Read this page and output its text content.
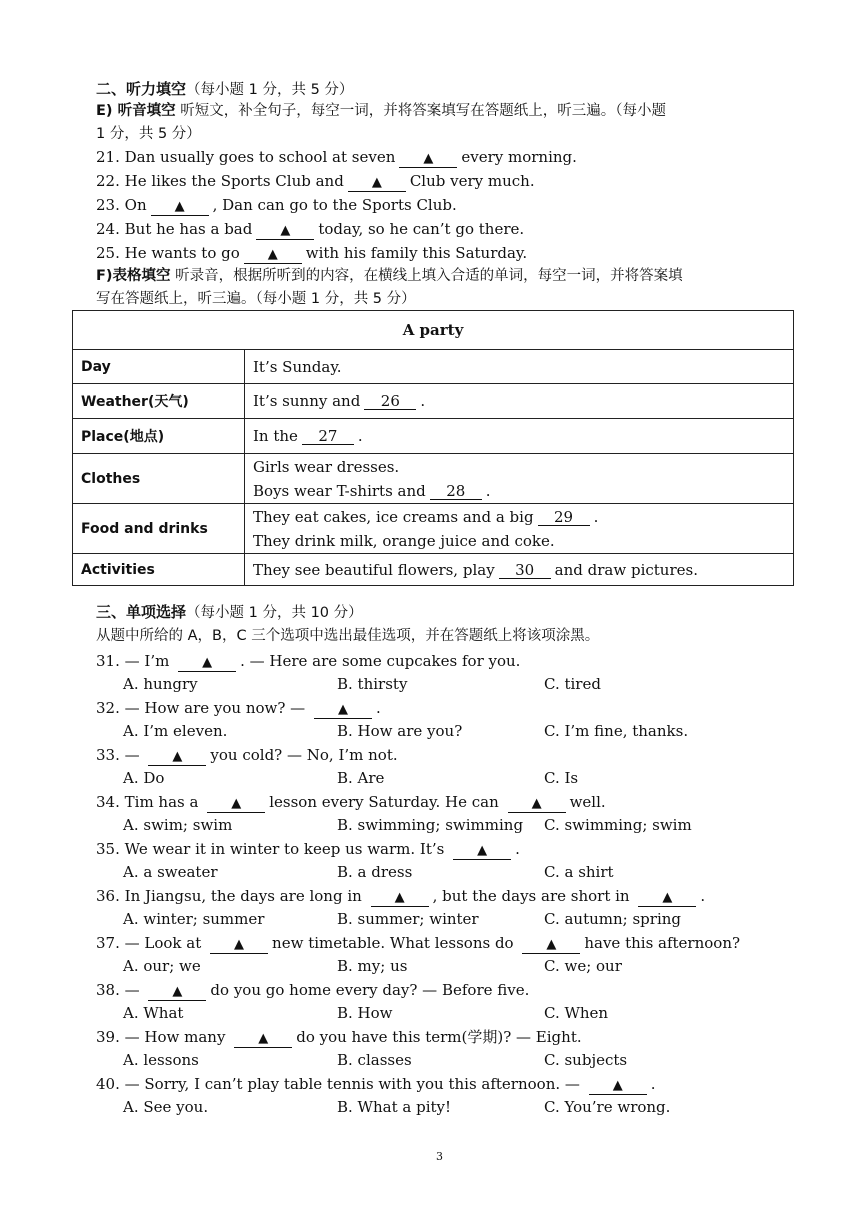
二、听力填空（每小题 1 分，共 5 分）
E) 听音填空 听短文，补全句子，每空一词，并将答案填写在答题纸上，听三遍。（每小题
1 分，共 5 分）
21. Dan usually goes to school at seven ▲ every morning.
22. He likes the Sports Club and ▲ Club very much.
23. On ▲ , Dan can go to the Sports Club.
24. But he has a bad ▲ today, so he can’t go there.
25. He wants to go ▲ with his family this Saturday.
F)表格填空 听录音，根据所听到的内容，在横线上填入合适的单词，每空一词，并将答案填
写在答题纸上，听三遍。（每小题 1 分，共 5 分）
A party	
Day	It’s Sunday.

Weather(天气)	It’s sunny and 26 .

Place(地点)	In the 27 .

Clothes	Girls wear dresses.
Boys wear T-shirts and 28 .

Food and drinks	They eat cakes, ice creams and a big 29 .
They drink milk, orange juice and coke.

Activities	They see beautiful flowers, play 30 and draw pictures.
三、单项选择（每小题 1 分，共 10 分）
从题中所给的 A，B，C 三个选项中选出最佳选项，并在答题纸上将该项涂黑。
31. — I’m	▲ . — Here are some cupcakes for you.
A. hungry	B. thirsty	C. tired
32. — How are you now? —	▲ .
A. I’m eleven.	B. How are you?	C. I’m fine, thanks.
33. —	▲ you cold? — No, I’m not.
A. Do	B. Are	C. Is
34. Tim has a	▲ lesson every Saturday. He can	▲ well.
A. swim; swim	B. swimming; swimming C. swimming; swim
35. We wear it in winter to keep us warm. It’s	▲ .
A. a sweater	B. a dress	C. a shirt
36. In Jiangsu, the days are long in	▲ , but the days are short in	▲ .
A. winter; summer	B. summer; winter	C. autumn; spring
37. — Look at	▲ new timetable. What lessons do	▲ have this afternoon?
A. our; we	B. my; us	C. we; our
38. —	▲ do you go home every day? — Before five.
A. What	B. How	C. When
39. — How many	▲ do you have this term(学期)? — Eight.
A. lessons	B. classes	C. subjects
40. — Sorry, I can’t play table tennis with you this afternoon. —	▲ .
A. See you.	B. What a pity!	C. You’re wrong.
3
